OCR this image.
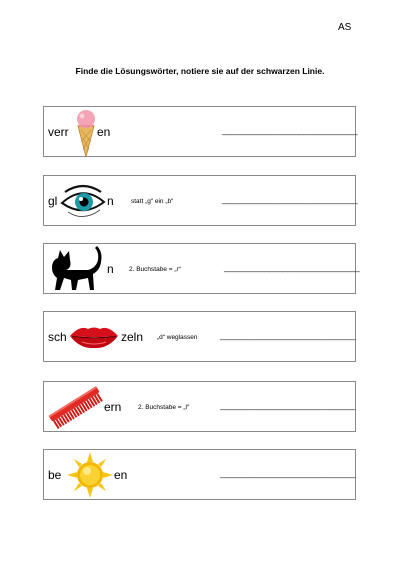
AS
Finde die Lösungswörter, notiere sie auf der schwarzen Linie.
verr en	______________________________
gl	n	statt „g“ ein „b“	______________________________
n 2. Buchstabe = „r“	______________________________
sch	zeln „d“ weglassen	______________________________
ern	2. Buchstabe = „l“	______________________________
be	en	______________________________
